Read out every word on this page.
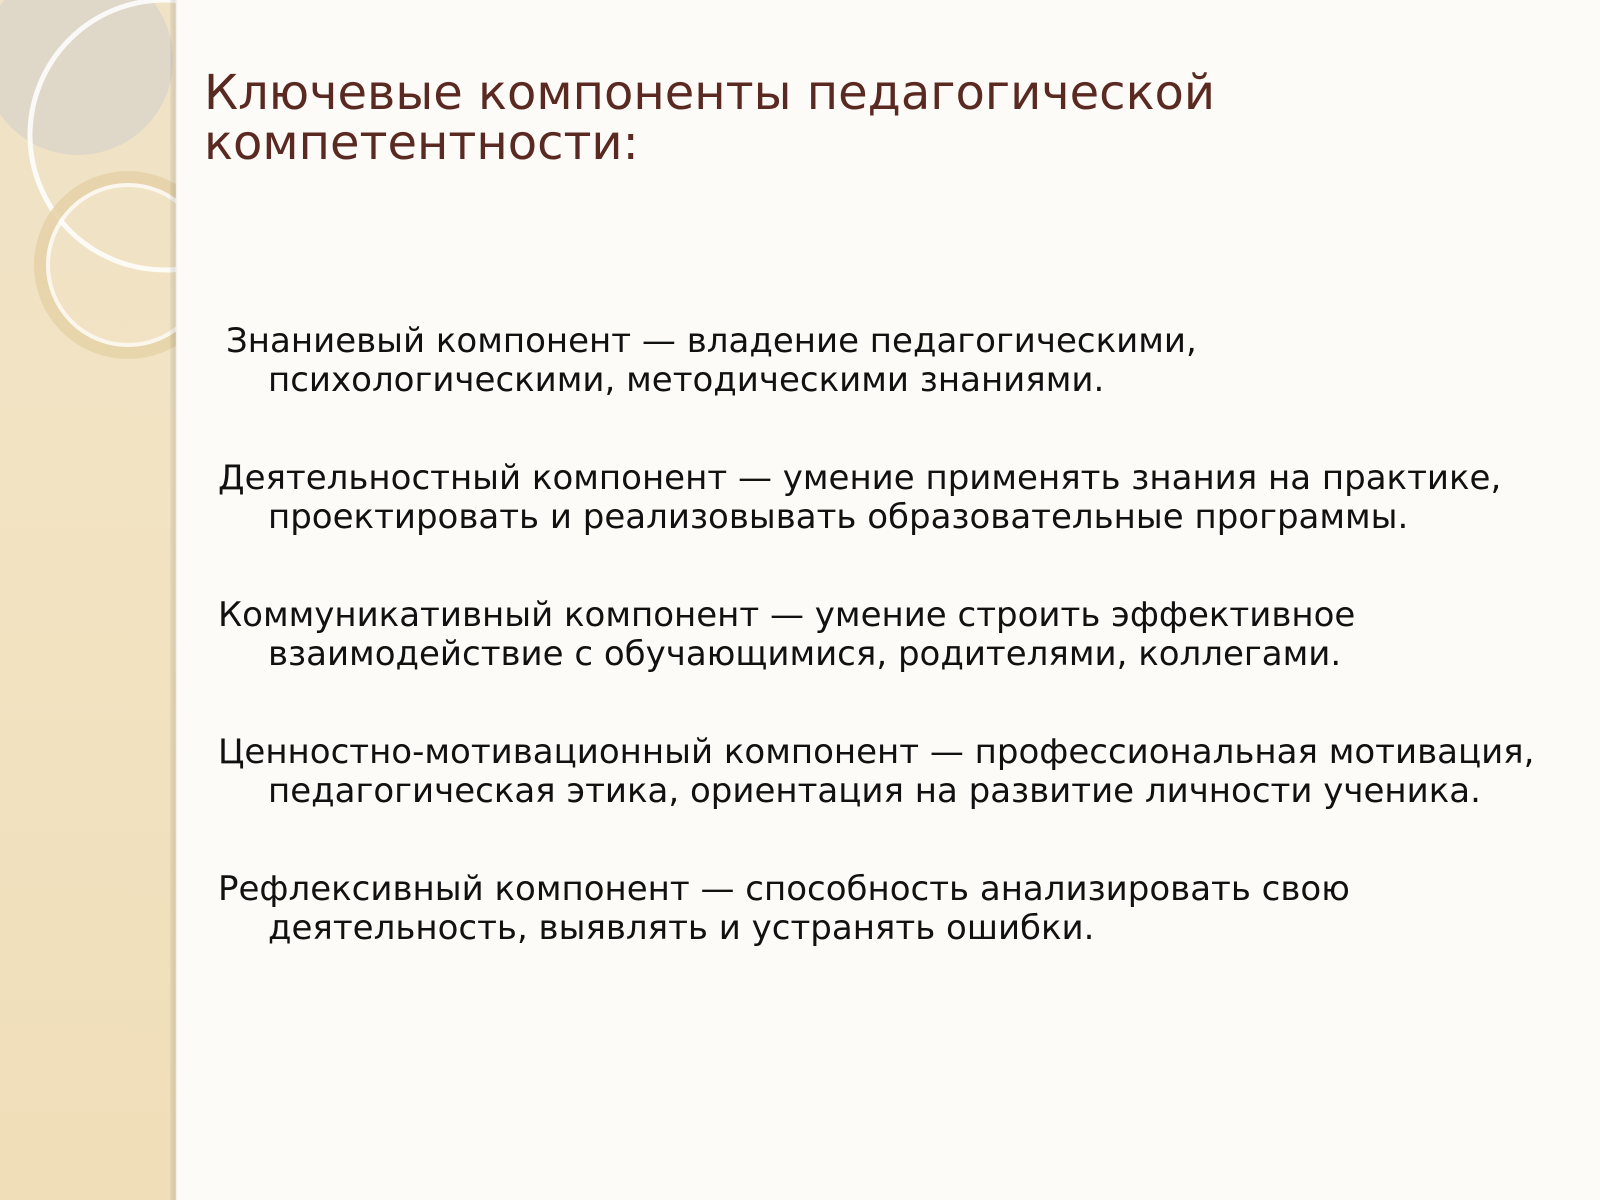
Ключевые компоненты педагогической компетентности:
Знаниевый компонент — владение педагогическими, психологическими, методическими знаниями.
Деятельностный компонент — умение применять знания на практике, проектировать и реализовывать образовательные программы.
Коммуникативный компонент — умение строить эффективное взаимодействие с обучающимися, родителями, коллегами.
Ценностно-мотивационный компонент — профессиональная мотивация, педагогическая этика, ориентация на развитие личности ученика.
Рефлексивный компонент — способность анализировать свою деятельность, выявлять и устранять ошибки.
